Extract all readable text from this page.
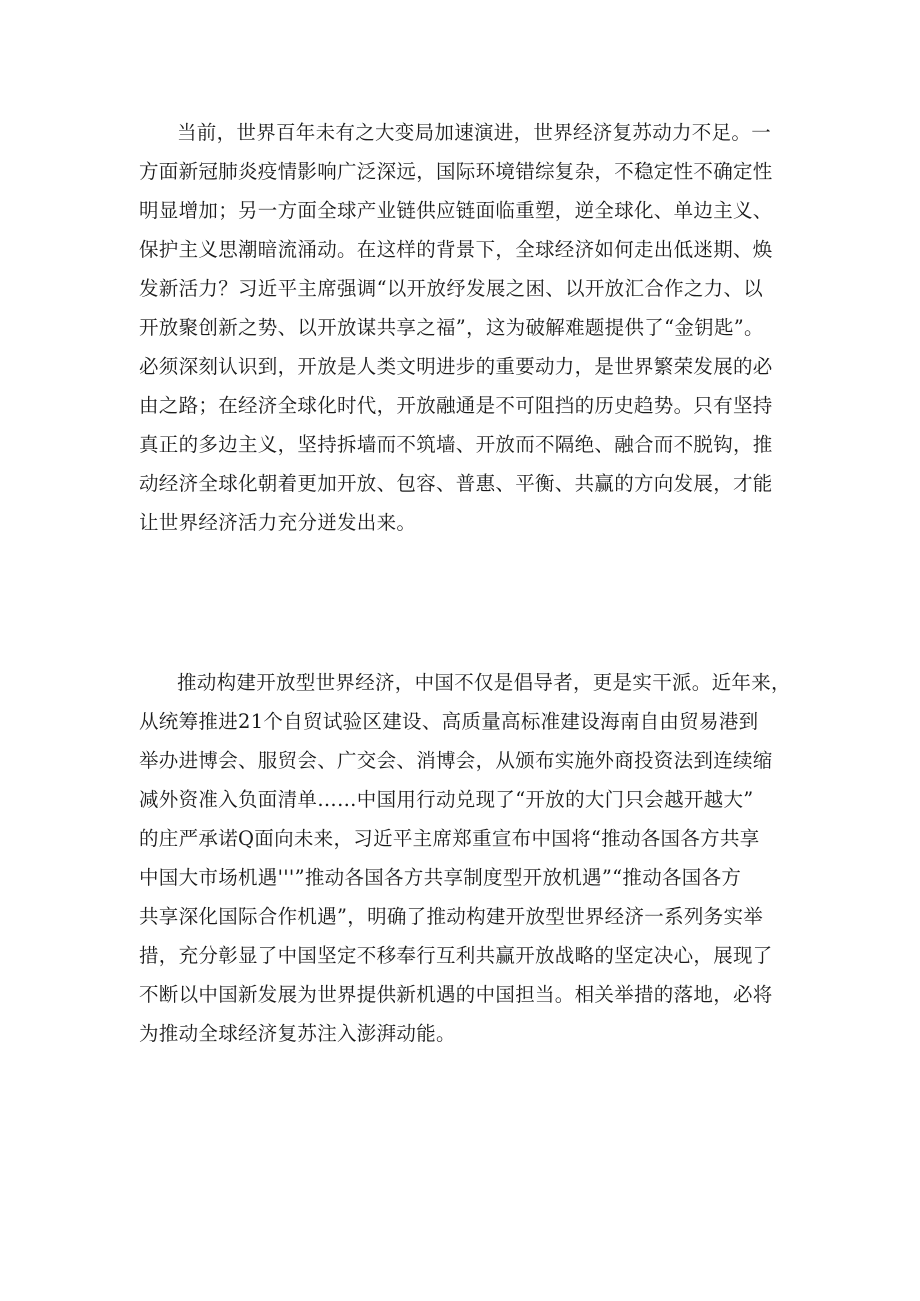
当前，世界百年未有之大变局加速演进，世界经济复苏动力不足。一
方面新冠肺炎疫情影响广泛深远，国际环境错综复杂，不稳定性不确定性
明显增加；另一方面全球产业链供应链面临重塑，逆全球化、单边主义、
保护主义思潮暗流涌动。在这样的背景下，全球经济如何走出低迷期、焕
发新活力？习近平主席强调“以开放纾发展之困、以开放汇合作之力、以
开放聚创新之势、以开放谋共享之福”，这为破解难题提供了“金钥匙”。
必须深刻认识到，开放是人类文明进步的重要动力，是世界繁荣发展的必
由之路；在经济全球化时代，开放融通是不可阻挡的历史趋势。只有坚持
真正的多边主义，坚持拆墙而不筑墙、开放而不隔绝、融合而不脱钩，推
动经济全球化朝着更加开放、包容、普惠、平衡、共赢的方向发展，才能
让世界经济活力充分迸发出来。
推动构建开放型世界经济，中国不仅是倡导者，更是实干派。近年来，
从统筹推进21个自贸试验区建设、高质量高标准建设海南自由贸易港到
举办进博会、服贸会、广交会、消博会，从颁布实施外商投资法到连续缩
减外资准入负面清单……中国用行动兑现了“开放的大门只会越开越大”
的庄严承诺Q面向未来，习近平主席郑重宣布中国将“推动各国各方共享
中国大市场机遇'''”推动各国各方共享制度型开放机遇”“推动各国各方
共享深化国际合作机遇”，明确了推动构建开放型世界经济一系列务实举
措，充分彰显了中国坚定不移奉行互利共赢开放战略的坚定决心，展现了
不断以中国新发展为世界提供新机遇的中国担当。相关举措的落地，必将
为推动全球经济复苏注入澎湃动能。
